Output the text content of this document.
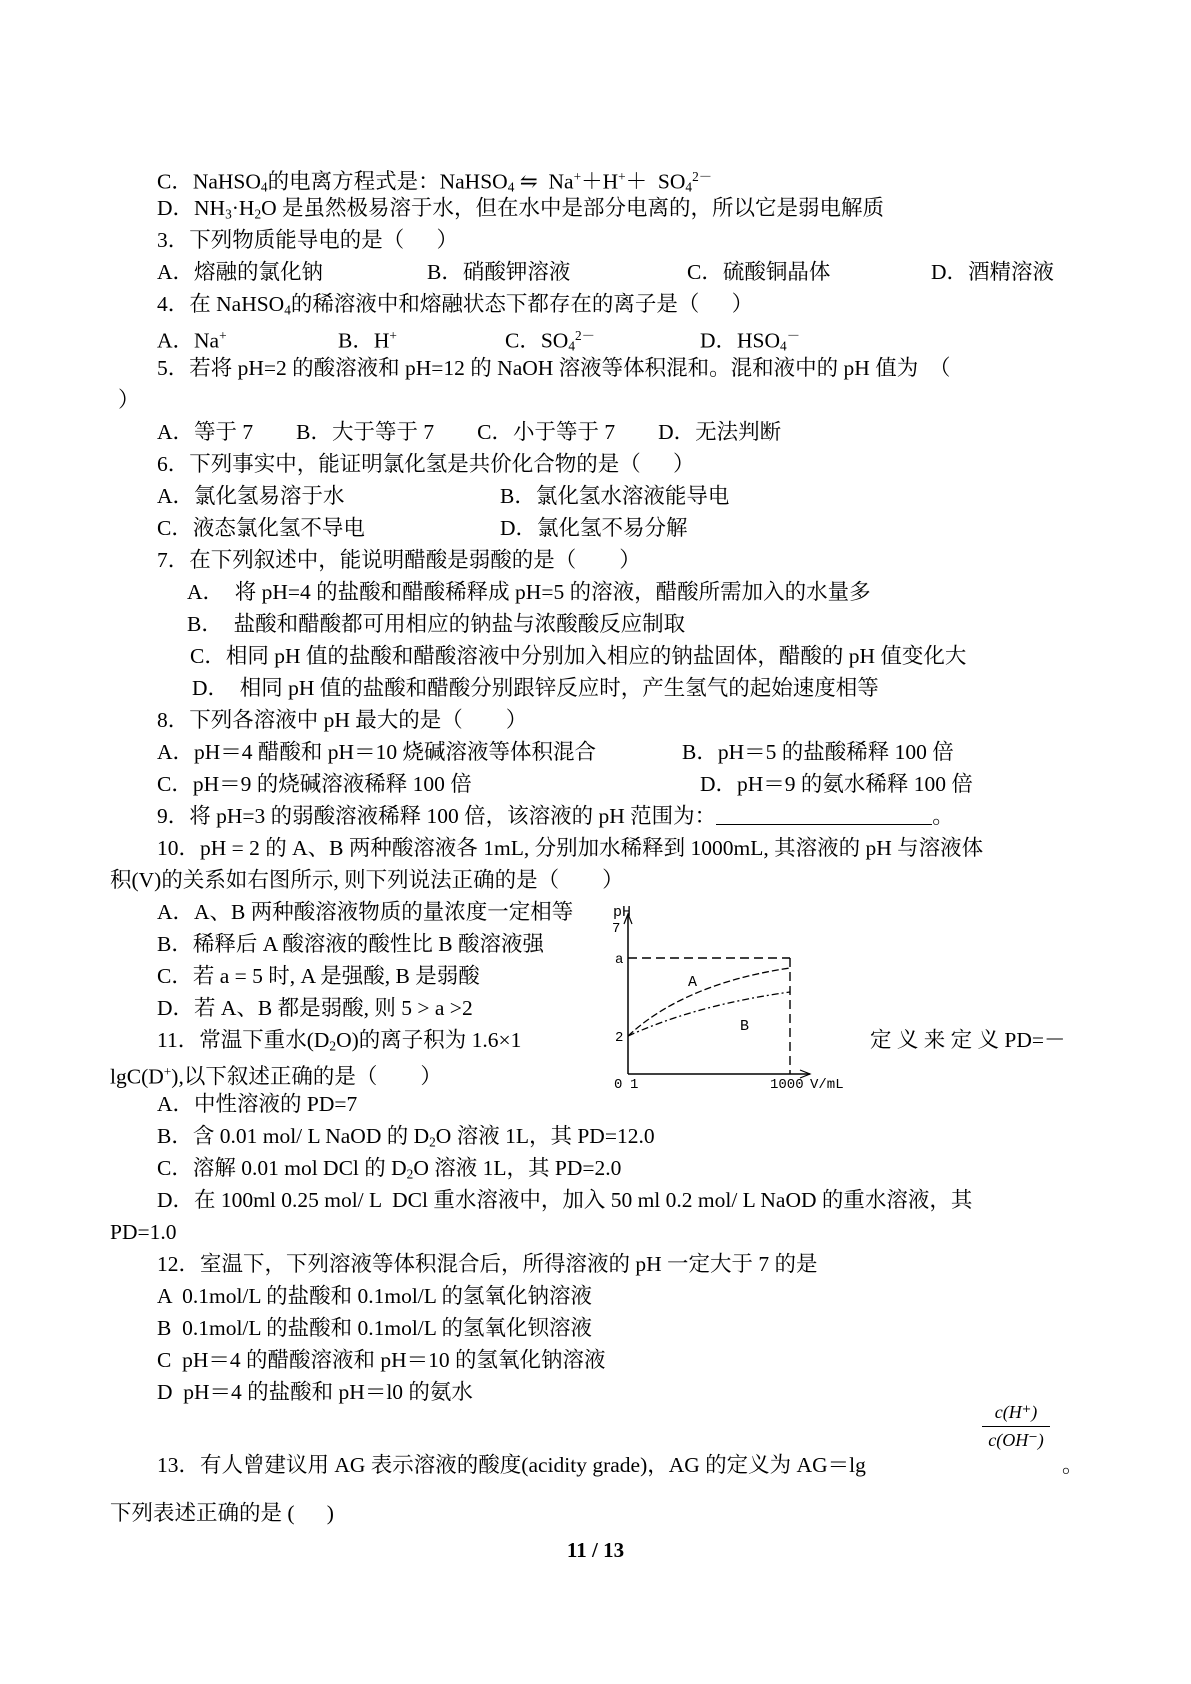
C．NaHSO$_4$的电离方程式是：NaHSO$_4$ ⇋  $Na^++H^++ SO_4^{2-}$
D．$NH_3\cdot H_2O$ 是虽然极易溶于水，但在水中是部分电离的，所以它是弱电解质
3．下列物质能导电的是（      ）
A．熔融的氯化钠	B．硝酸钾溶液	C．硫酸铜晶体	D．酒精溶液
4．在 NaHSO$_4$的稀溶液中和熔融状态下都存在的离子是（      ）
A．Na+	B．H+	C．$SO_4^{2-}$	D．$HSO_4^-$
5．若将 pH=2 的酸溶液和 pH=12 的 NaOH 溶液等体积混和。混和液中的 pH 值为  （
）
A．等于 7        B．大于等于 7        C．小于等于 7        D．无法判断
6．下列事实中，能证明氯化氢是共价化合物的是（      ）
A．氯化氢易溶于水	B．氯化氢水溶液能导电
C．液态氯化氢不导电	D．氯化氢不易分解
7．在下列叙述中，能说明醋酸是弱酸的是（        ）
A．  将 pH=4 的盐酸和醋酸稀释成 pH=5 的溶液，醋酸所需加入的水量多
B．  盐酸和醋酸都可用相应的钠盐与浓酸酸反应制取
C．相同 pH 值的盐酸和醋酸溶液中分别加入相应的钠盐固体，醋酸的 pH 值变化大
D．  相同 pH 值的盐酸和醋酸分别跟锌反应时，产生氢气的起始速度相等
8．下列各溶液中 pH 最大的是（        ）
A．pH＝4 醋酸和 pH＝10 烧碱溶液等体积混合	B．pH＝5 的盐酸稀释 100 倍
C．pH＝9 的烧碱溶液稀释 100 倍	D．pH＝9 的氨水稀释 100 倍
9．将 pH=3 的弱酸溶液稀释 100 倍，该溶液的 pH 范围为：	。
10．pH = 2 的 A、B 两种酸溶液各 1mL, 分别加水稀释到 1000mL, 其溶液的 pH 与溶液体
积(V)的关系如右图所示, 则下列说法正确的是（        ）
A．A、B 两种酸溶液物质的量浓度一定相等
B．稀释后 A 酸溶液的酸性比 B 酸溶液强
C．若 a = 5 时, A 是强酸, B 是弱酸
D．若 A、B 都是弱酸, 则 5 > a >2
pH
7
a
2
0 1	1000 V/mL
A
B
11．常温下重水$(D_2O)$的离子积为 1.6×1	定 义 来 定 义 PD=－
lgC(D+),以下叙述正确的是（        ）
A．中性溶液的 PD=7
B．含 0.01 mol/ L NaOD 的 $D_2O$ 溶液 1L，其 PD=12.0
C．溶解 0.01 mol DCl 的 $D_2O$ 溶液 1L，其 PD=2.0
D．在 100ml 0.25 mol/ L  DCl 重水溶液中，加入 50 ml 0.2 mol/ L NaOD 的重水溶液，其
PD=1.0
12．室温下，下列溶液等体积混合后，所得溶液的 pH 一定大于 7 的是
A  0.1mol/L 的盐酸和 0.1mol/L 的氢氧化钠溶液
B  0.1mol/L 的盐酸和 0.1mol/L 的氢氧化钡溶液
C  pH＝4 的醋酸溶液和 pH＝10 的氢氧化钠溶液
D  pH＝4 的盐酸和 pH＝l0 的氨水
13．有人曾建议用 AG 表示溶液的酸度(acidity grade)，AG 的定义为 AG＝lg
c(H⁺)
c(OH⁻)
。
下列表述正确的是 (      )
11 / 13
